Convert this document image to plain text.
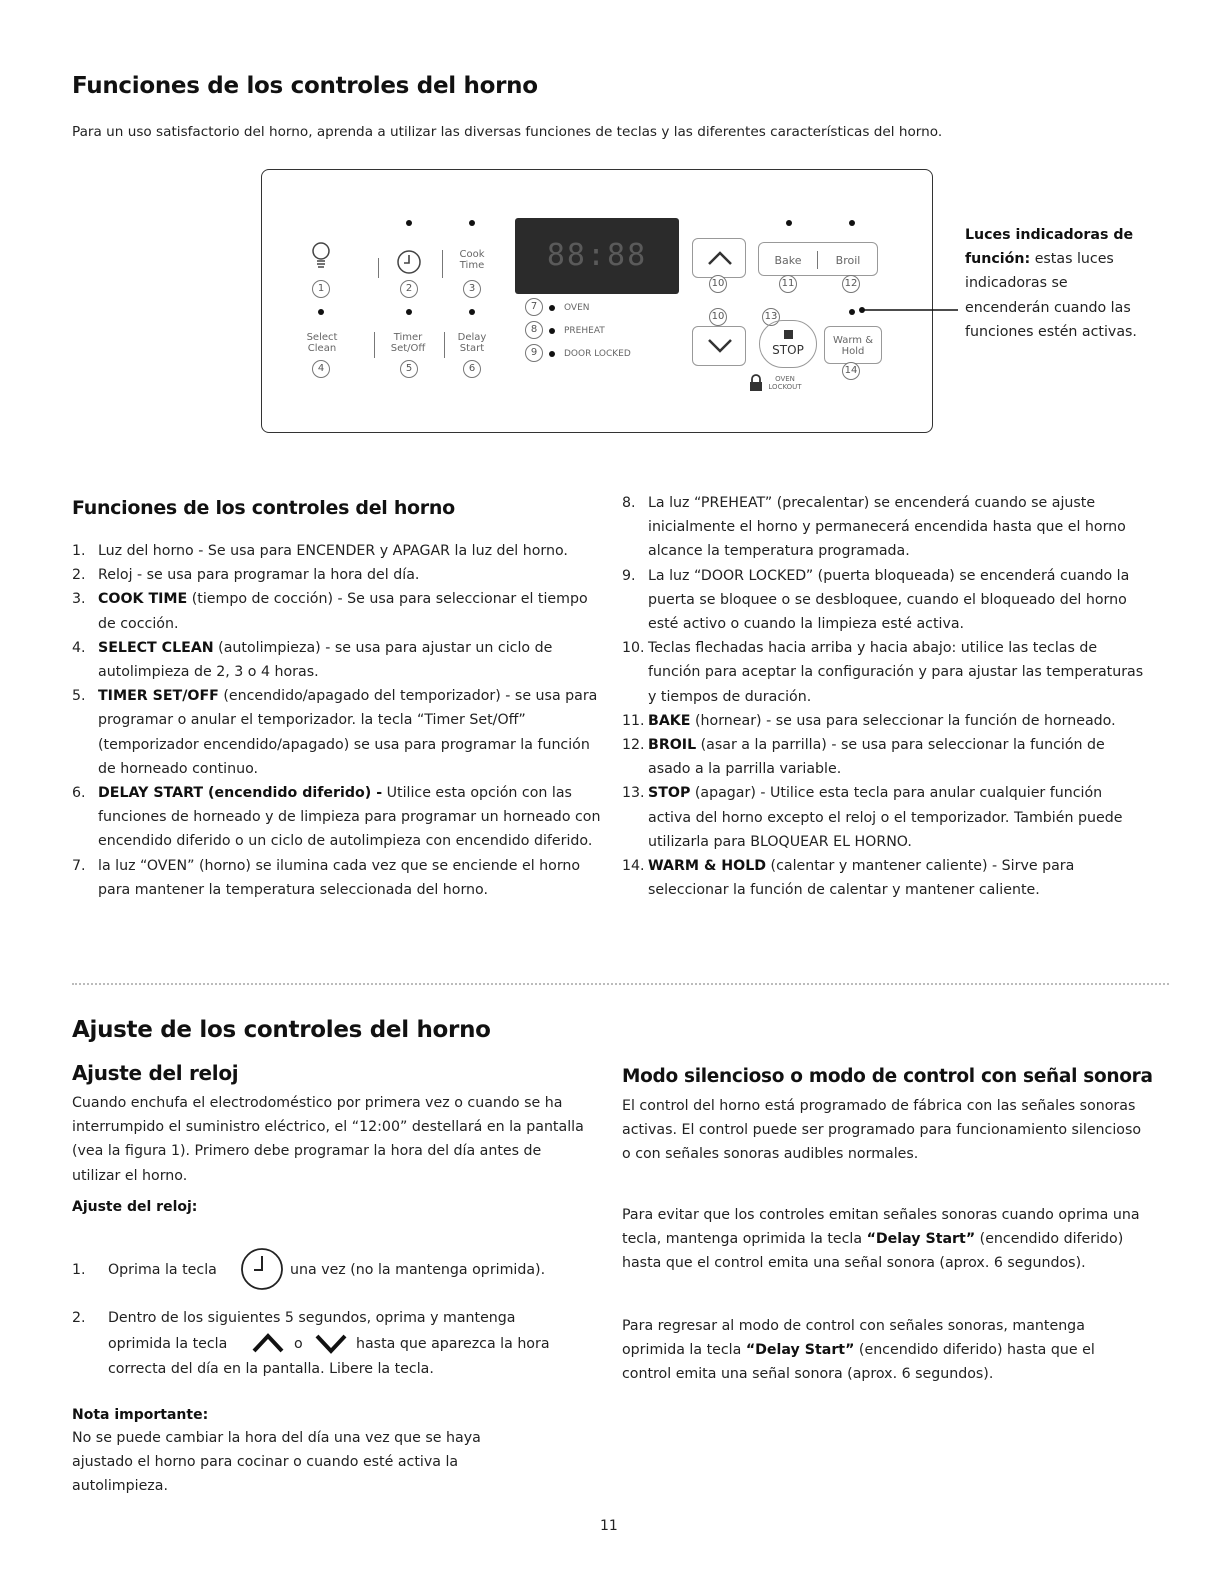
Funciones de los controles del horno

Para un uso satisfactorio del horno, aprenda a utilizar las diversas funciones de teclas y las diferentes características del horno.

Cook
Time
1	2	3
Select
Clean
Timer
Set/Off
Delay
Start
4	5	6
88:88
7	OVEN
8	PREHEAT
9	DOOR LOCKED
10
Bake	Broil
11	12
10	13
STOP
Warm &
Hold
14
OVEN
LOCKOUT
Luces indicadoras de función: estas luces indicadoras se encenderán cuando las funciones estén activas.
Funciones de los controles del horno
1. Luz del horno - Se usa para ENCENDER y APAGAR la luz del horno.
2. Reloj - se usa para programar la hora del día.
3. COOK TIME (tiempo de cocción) - Se usa para seleccionar el tiempo de cocción.
4. SELECT CLEAN (autolimpieza) - se usa para ajustar un ciclo de autolimpieza de 2, 3 o 4 horas.
5. TIMER SET/OFF (encendido/apagado del temporizador) - se usa para programar o anular el temporizador. la tecla “Timer Set/Off” (temporizador encendido/apagado) se usa para programar la función de horneado continuo.
6. DELAY START (encendido diferido) - Utilice esta opción con las funciones de horneado y de limpieza para programar un horneado con encendido diferido o un ciclo de autolimpieza con encendido diferido.
7. la luz “OVEN” (horno) se ilumina cada vez que se enciende el horno para mantener la temperatura seleccionada del horno.
8. La luz “PREHEAT” (precalentar) se encenderá cuando se ajuste inicialmente el horno y permanecerá encendida hasta que el horno alcance la temperatura programada.
9. La luz “DOOR LOCKED” (puerta bloqueada) se encenderá cuando la puerta se bloquee o se desbloquee, cuando el bloqueado del horno esté activo o cuando la limpieza esté activa.
10. Teclas flechadas hacia arriba y hacia abajo: utilice las teclas de función para aceptar la configuración y para ajustar las temperaturas y tiempos de duración.
11. BAKE (hornear) - se usa para seleccionar la función de horneado.
12. BROIL (asar a la parrilla) - se usa para seleccionar la función de asado a la parrilla variable.
13. STOP (apagar) - Utilice esta tecla para anular cualquier función activa del horno excepto el reloj o el temporizador. También puede utilizarla para BLOQUEAR EL HORNO.
14. WARM & HOLD (calentar y mantener caliente) - Sirve para seleccionar la función de calentar y mantener caliente.
Ajuste de los controles del horno
Ajuste del reloj

Cuando enchufa el electrodoméstico por primera vez o cuando se ha interrumpido el suministro eléctrico, el “12:00” destellará en la pantalla (vea la figura 1). Primero debe programar la hora del día antes de utilizar el horno.

Ajuste del reloj:
1. Oprima la tecla	una vez (no la mantenga oprimida).
2. Dentro de los siguientes 5 segundos, oprima y mantenga
oprimida la tecla	o	hasta que aparezca la hora
correcta del día en la pantalla. Libere la tecla.
Nota importante:

No se puede cambiar la hora del día una vez que se haya ajustado el horno para cocinar o cuando esté activa la autolimpieza.

Modo silencioso o modo de control con señal sonora

El control del horno está programado de fábrica con las señales sonoras activas. El control puede ser programado para funcionamiento silencioso o con señales sonoras audibles normales.

Para evitar que los controles emitan señales sonoras cuando oprima una tecla, mantenga oprimida la tecla “Delay Start” (encendido diferido) hasta que el control emita una señal sonora (aprox. 6 segundos).

Para regresar al modo de control con señales sonoras, mantenga oprimida la tecla “Delay Start” (encendido diferido) hasta que el control emita una señal sonora (aprox. 6 segundos).

11
